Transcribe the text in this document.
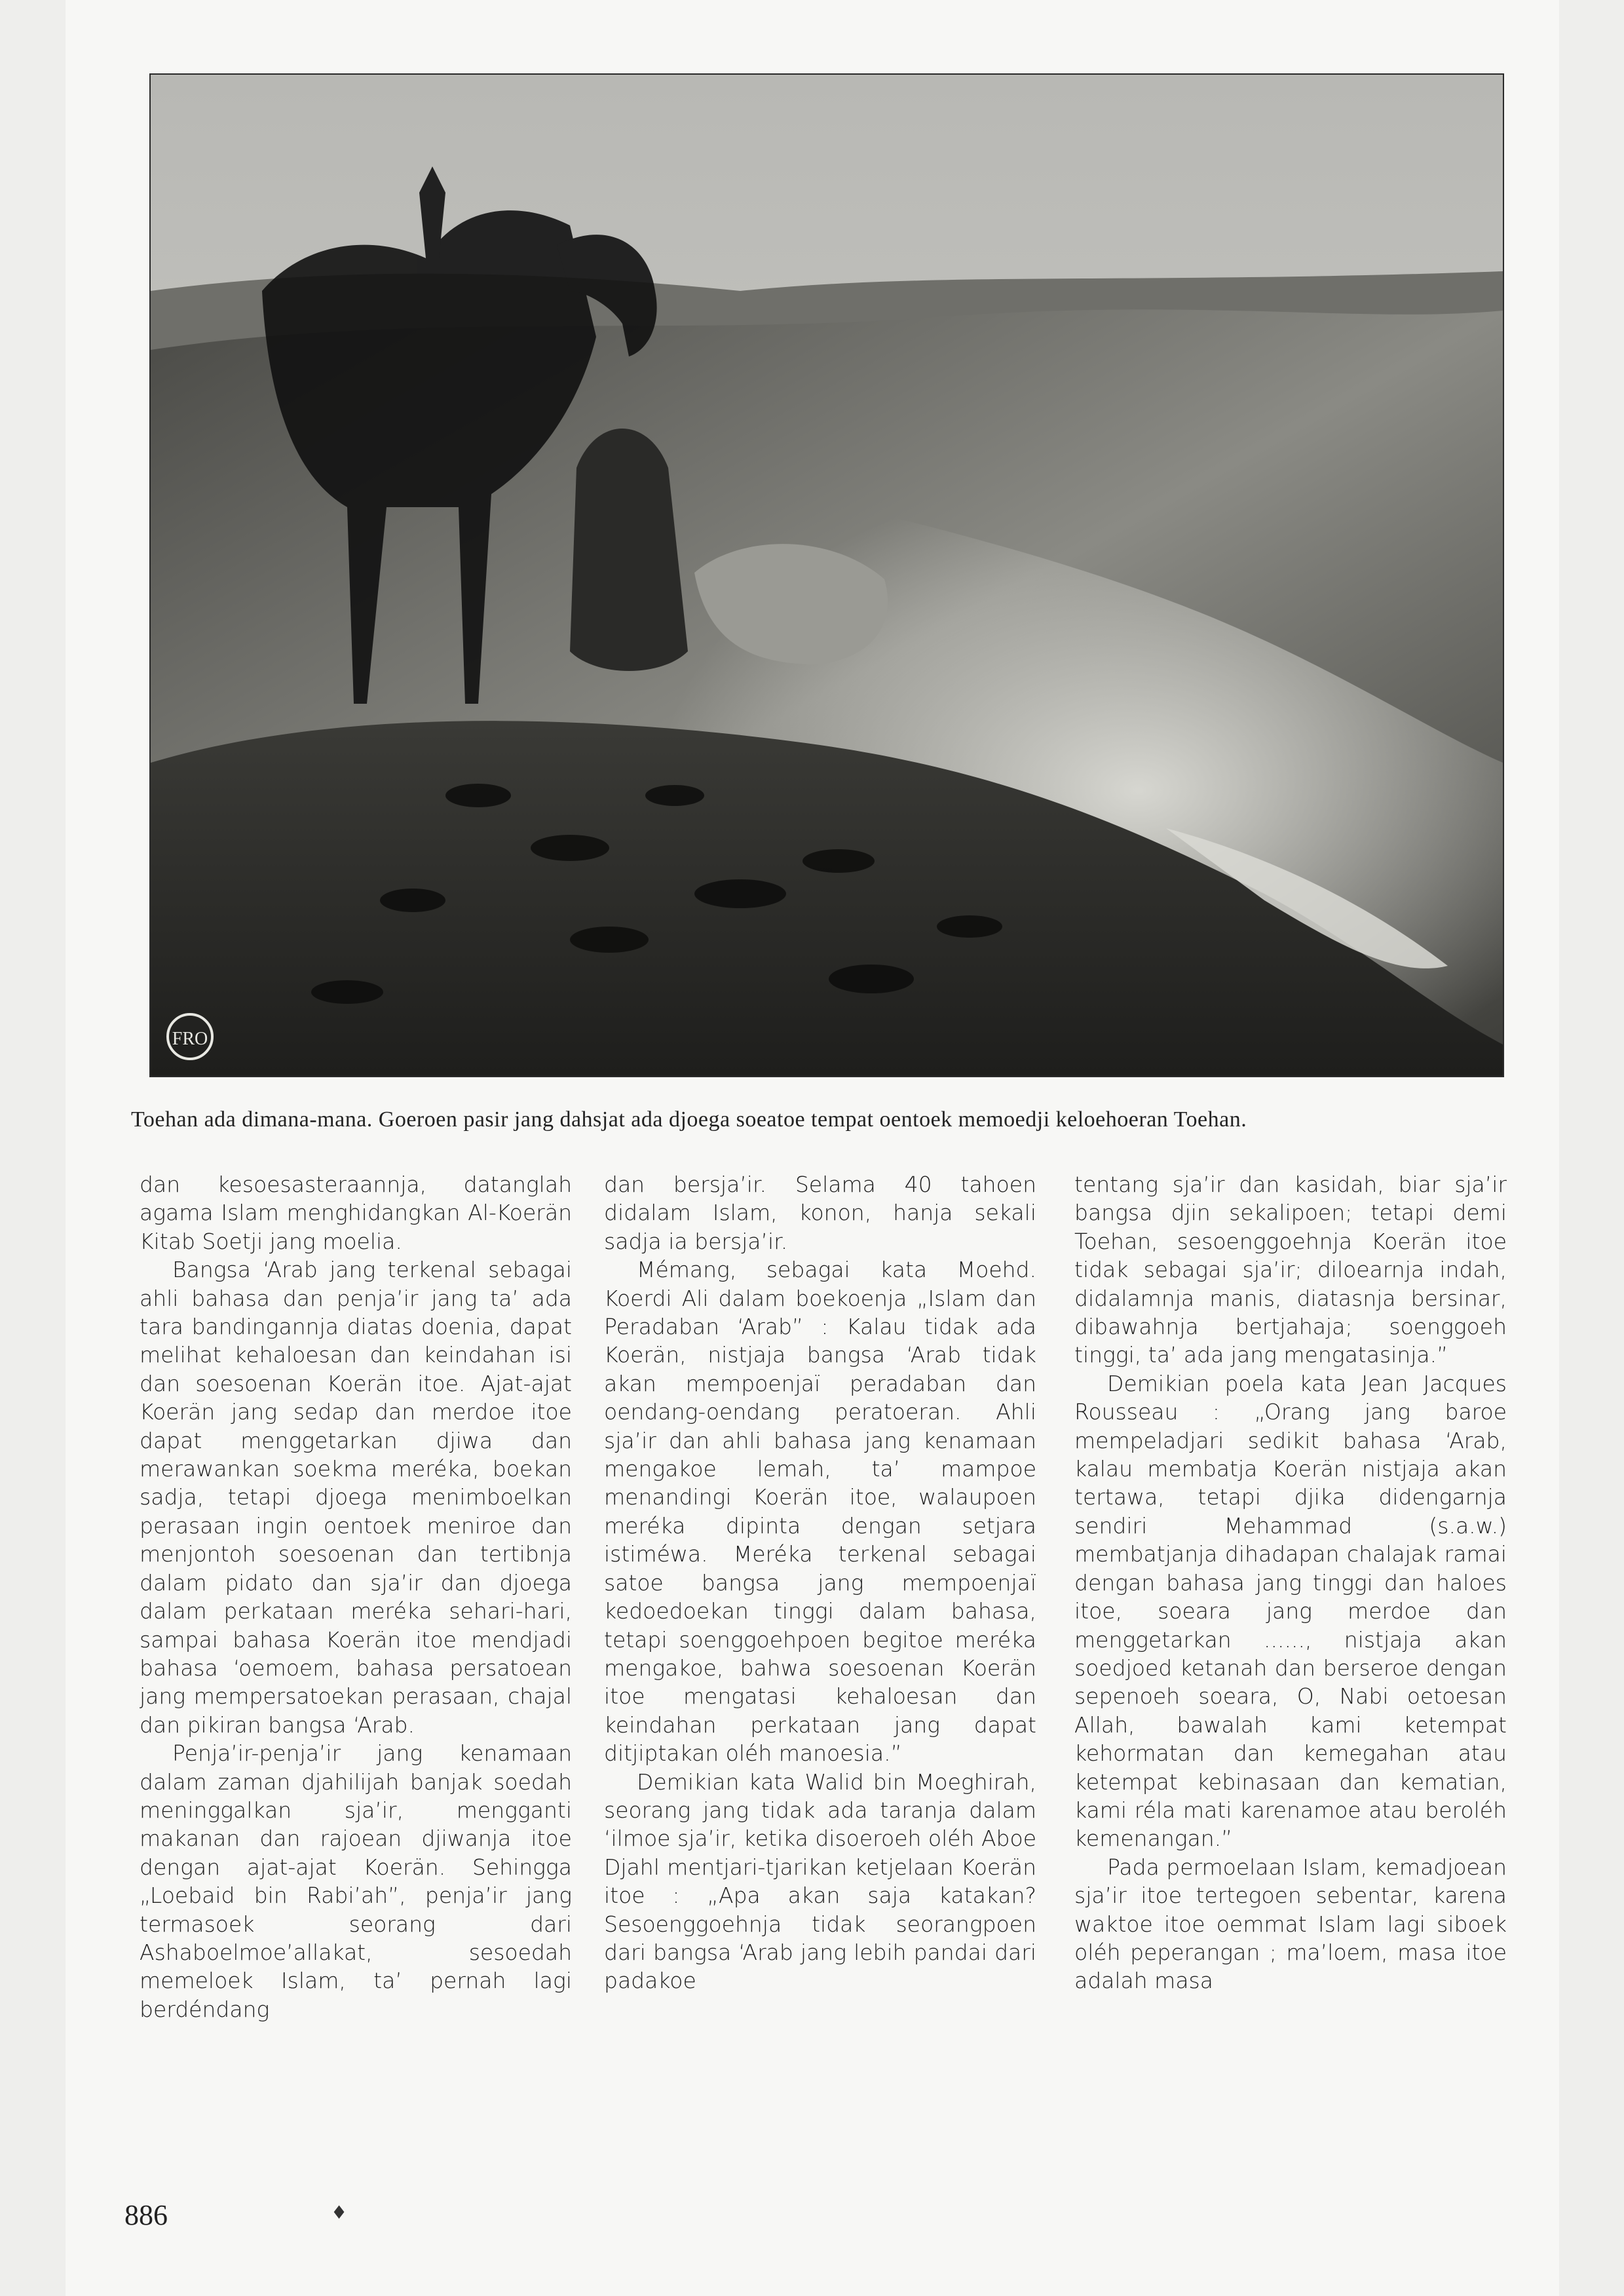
FRO
Toehan ada dimana-mana. Goeroen pasir jang dahsjat ada djoega soeatoe tempat oentoek memoedji keloehoeran Toehan.

dan kesoesasteraannja, datanglah agama Islam menghidangkan Al-Koerän Kitab Soetji jang moelia.

Bangsa ‘Arab jang terkenal sebagai ahli bahasa dan penja’ir jang ta’ ada tara bandingannja diatas doenia, dapat melihat kehaloesan dan keindahan isi dan soesoenan Koerän itoe. Ajat-ajat Koerän jang sedap dan merdoe itoe dapat menggetarkan djiwa dan merawankan soekma meréka, boekan sadja, tetapi djoega menimboelkan perasaan ingin oentoek meniroe dan menjontoh soesoenan dan tertibnja dalam pidato dan sja’ir dan djoega dalam perkataan meréka sehari-hari, sampai bahasa Koerän itoe mendjadi bahasa ‘oemoem, bahasa persatoean jang mempersatoekan perasaan, chajal dan pikiran bangsa ‘Arab.

Penja’ir-penja’ir jang kenamaan dalam zaman djahilijah banjak soedah meninggalkan sja’ir, mengganti makanan dan rajoean djiwanja itoe dengan ajat-ajat Koerän. Sehingga „Loebaid bin Rabi’ah”, penja’ir jang termasoek seorang dari Ashaboelmoe’allakat, sesoedah memeloek Islam, ta’ pernah lagi berdéndang

dan bersja’ir. Selama 40 tahoen didalam Islam, konon, hanja sekali sadja ia bersja’ir.

Mémang, sebagai kata Moehd. Koerdi Ali dalam boekoenja „Islam dan Peradaban ‘Arab” : Kalau tidak ada Koerän, nistjaja bangsa ‘Arab tidak akan mempoenjaï peradaban dan oendang-oendang peratoeran. Ahli sja’ir dan ahli bahasa jang kenamaan mengakoe lemah, ta’ mampoe menandingi Koerän itoe, walaupoen meréka dipinta dengan setjara istiméwa. Meréka terkenal sebagai satoe bangsa jang mempoenjaï kedoedoekan tinggi dalam bahasa, tetapi soenggoehpoen begitoe meréka mengakoe, bahwa soesoenan Koerän itoe mengatasi kehaloesan dan keindahan perkataan jang dapat ditjiptakan oléh manoesia.”

Demikian kata Walid bin Moeghirah, seorang jang tidak ada taranja dalam ‘ilmoe sja’ir, ketika disoeroeh oléh Aboe Djahl mentjari-tjarikan ketjelaan Koerän itoe : „Apa akan saja katakan? Sesoenggoehnja tidak seorangpoen dari bangsa ‘Arab jang lebih pandai dari padakoe

tentang sja’ir dan kasidah, biar sja’ir bangsa djin sekalipoen; tetapi demi Toehan, sesoenggoehnja Koerän itoe tidak sebagai sja’ir; diloearnja indah, didalamnja manis, diatasnja bersinar, dibawahnja bertjahaja; soenggoeh tinggi, ta’ ada jang mengatasinja.”

Demikian poela kata Jean Jacques Rousseau : „Orang jang baroe mempeladjari sedikit bahasa ‘Arab, kalau membatja Koerän nistjaja akan tertawa, tetapi djika didengarnja sendiri Mehammad (s.a.w.) membatjanja dihadapan chalajak ramai dengan bahasa jang tinggi dan haloes itoe, soeara jang merdoe dan menggetarkan ......, nistjaja akan soedjoed ketanah dan berseroe dengan sepenoeh soeara, O, Nabi oetoesan Allah, bawalah kami ketempat kehormatan dan kemegahan atau ketempat kebinasaan dan kematian, kami réla mati karenamoe atau beroléh kemenangan.”

Pada permoelaan Islam, kemadjoean sja’ir itoe tertegoen sebentar, karena waktoe itoe oemmat Islam lagi siboek oléh peperangan ; ma’loem, masa itoe adalah masa

886	♦
